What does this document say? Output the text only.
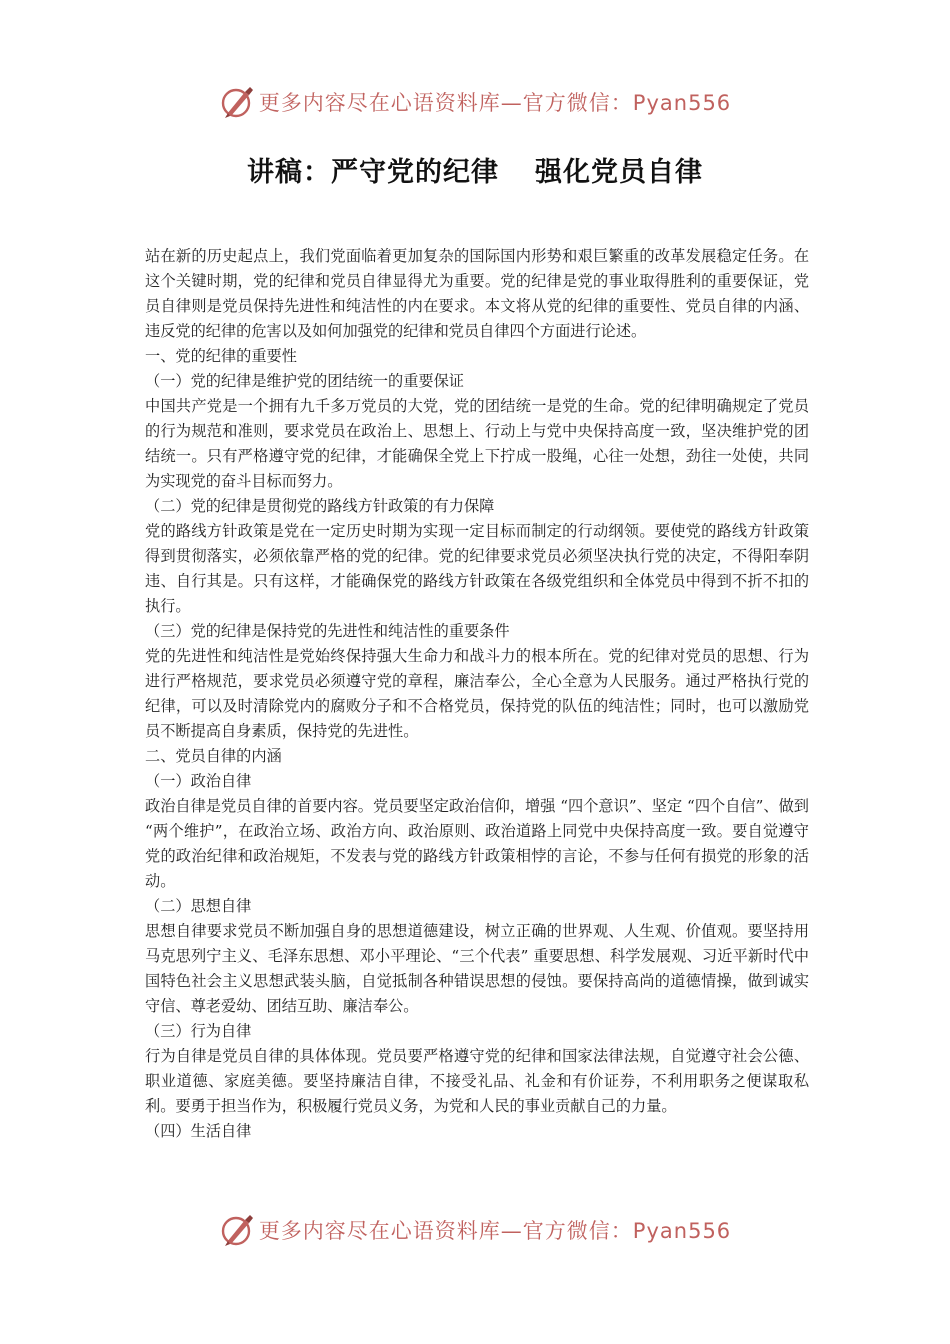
更多内容尽在心语资料库—官方微信：Pyan556
讲稿：严守党的纪律 强化党员自律

站在新的历史起点上，我们党面临着更加复杂的国际国内形势和艰巨繁重的改革发展稳定任务。在这个关键时期，党的纪律和党员自律显得尤为重要。党的纪律是党的事业取得胜利的重要保证，党员自律则是党员保持先进性和纯洁性的内在要求。本文将从党的纪律的重要性、党员自律的内涵、违反党的纪律的危害以及如何加强党的纪律和党员自律四个方面进行论述。

一、党的纪律的重要性

（一）党的纪律是维护党的团结统一的重要保证

中国共产党是一个拥有九千多万党员的大党，党的团结统一是党的生命。党的纪律明确规定了党员的行为规范和准则，要求党员在政治上、思想上、行动上与党中央保持高度一致，坚决维护党的团结统一。只有严格遵守党的纪律，才能确保全党上下拧成一股绳，心往一处想，劲往一处使，共同为实现党的奋斗目标而努力。

（二）党的纪律是贯彻党的路线方针政策的有力保障

党的路线方针政策是党在一定历史时期为实现一定目标而制定的行动纲领。要使党的路线方针政策得到贯彻落实，必须依靠严格的党的纪律。党的纪律要求党员必须坚决执行党的决定，不得阳奉阴违、自行其是。只有这样，才能确保党的路线方针政策在各级党组织和全体党员中得到不折不扣的执行。

（三）党的纪律是保持党的先进性和纯洁性的重要条件

党的先进性和纯洁性是党始终保持强大生命力和战斗力的根本所在。党的纪律对党员的思想、行为进行严格规范，要求党员必须遵守党的章程，廉洁奉公，全心全意为人民服务。通过严格执行党的纪律，可以及时清除党内的腐败分子和不合格党员，保持党的队伍的纯洁性；同时，也可以激励党员不断提高自身素质，保持党的先进性。

二、党员自律的内涵

（一）政治自律

政治自律是党员自律的首要内容。党员要坚定政治信仰，增强 “四个意识”、坚定 “四个自信”、做到 “两个维护”，在政治立场、政治方向、政治原则、政治道路上同党中央保持高度一致。要自觉遵守党的政治纪律和政治规矩，不发表与党的路线方针政策相悖的言论，不参与任何有损党的形象的活动。

（二）思想自律

思想自律要求党员不断加强自身的思想道德建设，树立正确的世界观、人生观、价值观。要坚持用马克思列宁主义、毛泽东思想、邓小平理论、“三个代表” 重要思想、科学发展观、习近平新时代中国特色社会主义思想武装头脑，自觉抵制各种错误思想的侵蚀。要保持高尚的道德情操，做到诚实守信、尊老爱幼、团结互助、廉洁奉公。

（三）行为自律

行为自律是党员自律的具体体现。党员要严格遵守党的纪律和国家法律法规，自觉遵守社会公德、职业道德、家庭美德。要坚持廉洁自律，不接受礼品、礼金和有价证券，不利用职务之便谋取私利。要勇于担当作为，积极履行党员义务，为党和人民的事业贡献自己的力量。

（四）生活自律

更多内容尽在心语资料库—官方微信：Pyan556
